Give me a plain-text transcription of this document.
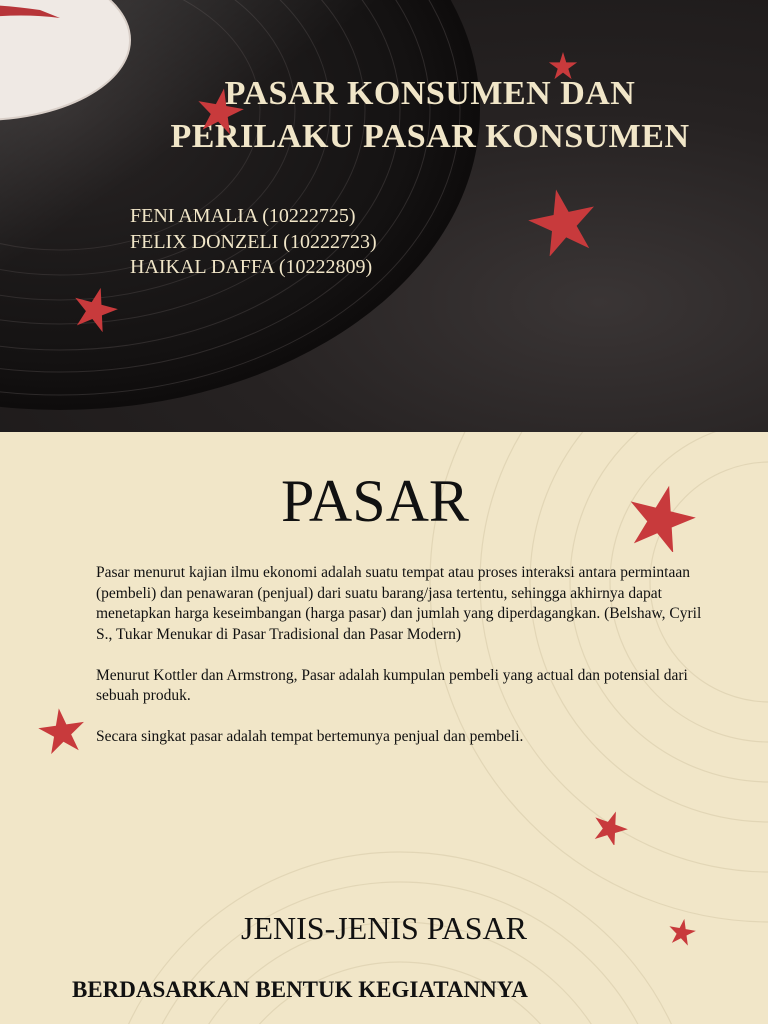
PASAR KONSUMEN DAN
PERILAKU PASAR KONSUMEN
FENI AMALIA (10222725)
FELIX DONZELI (10222723)
HAIKAL DAFFA (10222809)
PASAR

Pasar menurut kajian ilmu ekonomi adalah suatu tempat atau proses interaksi antara permintaan (pembeli) dan penawaran (penjual) dari suatu barang/jasa tertentu, sehingga akhirnya dapat menetapkan harga keseimbangan (harga pasar) dan jumlah yang diperdagangkan. (Belshaw, Cyril S., Tukar Menukar di Pasar Tradisional dan Pasar Modern)

Menurut Kottler dan Armstrong, Pasar adalah kumpulan pembeli yang actual dan potensial dari sebuah produk.

Secara singkat pasar adalah tempat bertemunya penjual dan pembeli.

JENIS-JENIS PASAR
BERDASARKAN BENTUK KEGIATANNYA
